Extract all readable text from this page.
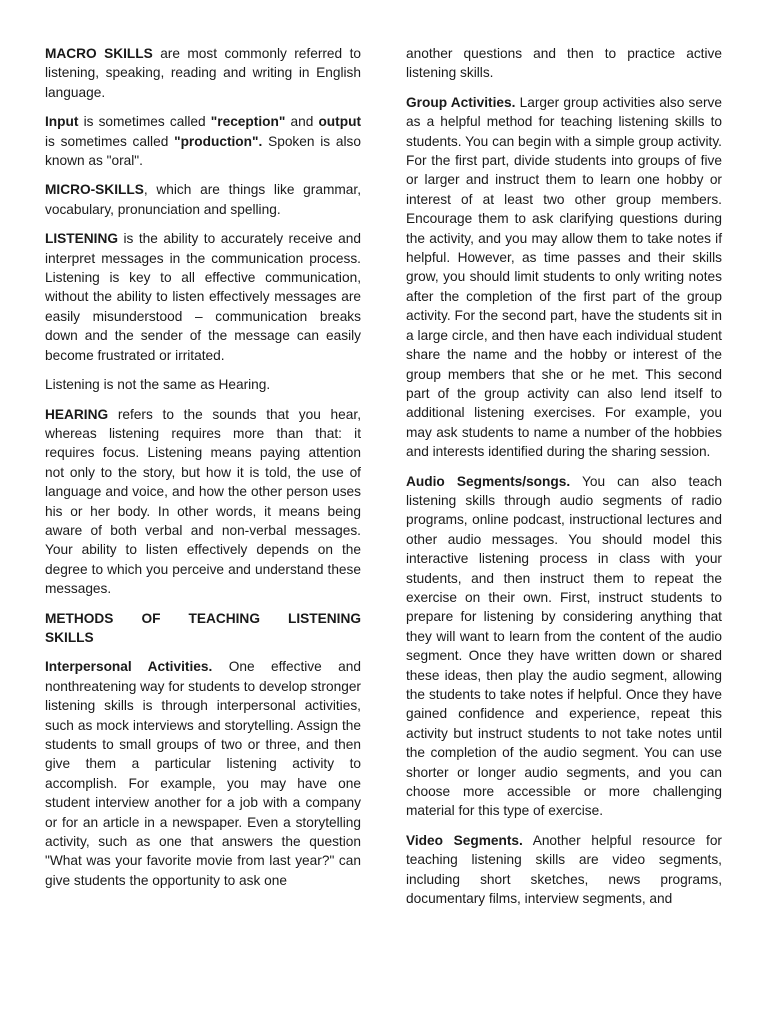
MACRO SKILLS are most commonly referred to listening, speaking, reading and writing in English language.

Input is sometimes called "reception" and output is sometimes called "production". Spoken is also known as "oral".

MICRO-SKILLS, which are things like grammar, vocabulary, pronunciation and spelling.

LISTENING is the ability to accurately receive and interpret messages in the communication process. Listening is key to all effective communication, without the ability to listen effectively messages are easily misunderstood – communication breaks down and the sender of the message can easily become frustrated or irritated.

Listening is not the same as Hearing.

HEARING refers to the sounds that you hear, whereas listening requires more than that: it requires focus. Listening means paying attention not only to the story, but how it is told, the use of language and voice, and how the other person uses his or her body. In other words, it means being aware of both verbal and non-verbal messages. Your ability to listen effectively depends on the degree to which you perceive and understand these messages.

METHODS OF TEACHING LISTENING
SKILLS

Interpersonal Activities. One effective and nonthreatening way for students to develop stronger listening skills is through interpersonal activities, such as mock interviews and storytelling. Assign the students to small groups of two or three, and then give them a particular listening activity to accomplish. For example, you may have one student interview another for a job with a company or for an article in a newspaper. Even a storytelling activity, such as one that answers the question "What was your favorite movie from last year?" can give students the opportunity to ask one

another questions and then to practice active listening skills.

Group Activities. Larger group activities also serve as a helpful method for teaching listening skills to students. You can begin with a simple group activity. For the first part, divide students into groups of five or larger and instruct them to learn one hobby or interest of at least two other group members. Encourage them to ask clarifying questions during the activity, and you may allow them to take notes if helpful. However, as time passes and their skills grow, you should limit students to only writing notes after the completion of the first part of the group activity. For the second part, have the students sit in a large circle, and then have each individual student share the name and the hobby or interest of the group members that she or he met. This second part of the group activity can also lend itself to additional listening exercises. For example, you may ask students to name a number of the hobbies and interests identified during the sharing session.

Audio Segments/songs. You can also teach listening skills through audio segments of radio programs, online podcast, instructional lectures and other audio messages. You should model this interactive listening process in class with your students, and then instruct them to repeat the exercise on their own. First, instruct students to prepare for listening by considering anything that they will want to learn from the content of the audio segment. Once they have written down or shared these ideas, then play the audio segment, allowing the students to take notes if helpful. Once they have gained confidence and experience, repeat this activity but instruct students to not take notes until the completion of the audio segment. You can use shorter or longer audio segments, and you can choose more accessible or more challenging material for this type of exercise.

Video Segments. Another helpful resource for teaching listening skills are video segments, including short sketches, news programs, documentary films, interview segments, and
